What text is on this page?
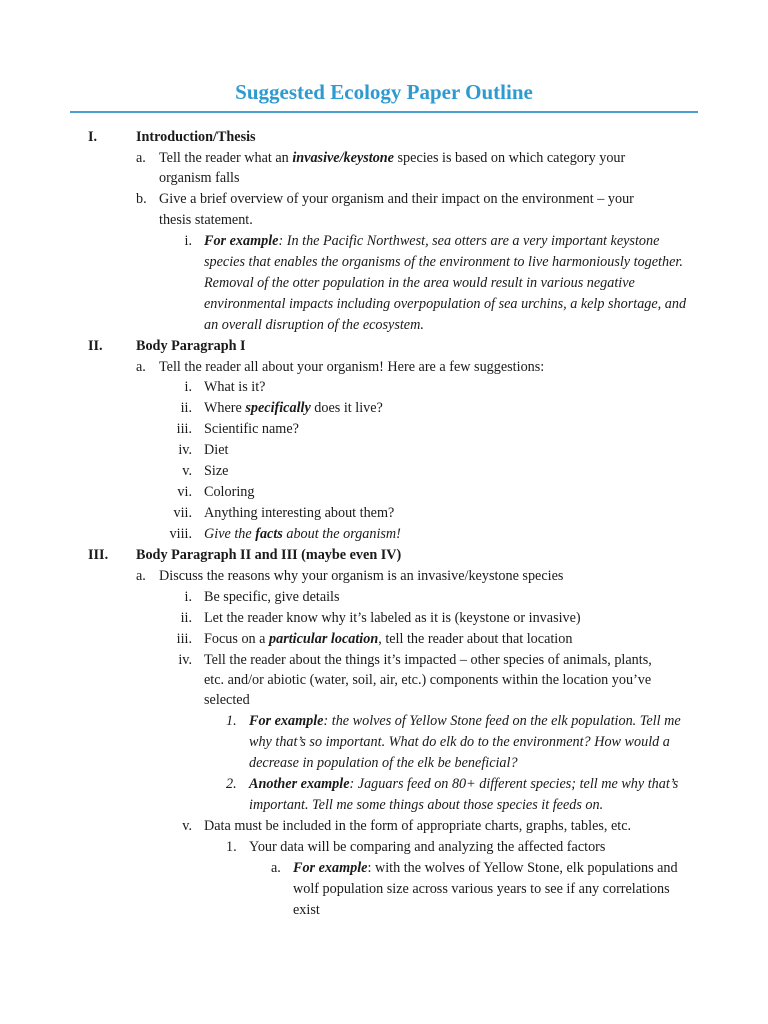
Suggested Ecology Paper Outline
I.	Introduction/Thesis
a. Tell the reader what an invasive/keystone species is based on which category your
organism falls
b. Give a brief overview of your organism and their impact on the environment – your
thesis statement.
i. For example: In the Pacific Northwest, sea otters are a very important keystone
species that enables the organisms of the environment to live harmoniously together.
Removal of the otter population in the area would result in various negative
environmental impacts including overpopulation of sea urchins, a kelp shortage, and
an overall disruption of the ecosystem.
II. Body Paragraph I
a. Tell the reader all about your organism! Here are a few suggestions:
i. What is it?
ii. Where specifically does it live?
iii. Scientific name?
iv. Diet
v. Size
vi. Coloring
vii. Anything interesting about them?
viii. Give the facts about the organism!
III. Body Paragraph II and III (maybe even IV)
a. Discuss the reasons why your organism is an invasive/keystone species
i. Be specific, give details
ii. Let the reader know why it’s labeled as it is (keystone or invasive)
iii. Focus on a particular location, tell the reader about that location
iv. Tell the reader about the things it’s impacted – other species of animals, plants,
etc. and/or abiotic (water, soil, air, etc.) components within the location you’ve
selected
1. For example: the wolves of Yellow Stone feed on the elk population. Tell me
why that’s so important. What do elk do to the environment? How would a
decrease in population of the elk be beneficial?
2. Another example: Jaguars feed on 80+ different species; tell me why that’s
important. Tell me some things about those species it feeds on.
v. Data must be included in the form of appropriate charts, graphs, tables, etc.
1. Your data will be comparing and analyzing the affected factors
a. For example: with the wolves of Yellow Stone, elk populations and
wolf population size across various years to see if any correlations
exist
